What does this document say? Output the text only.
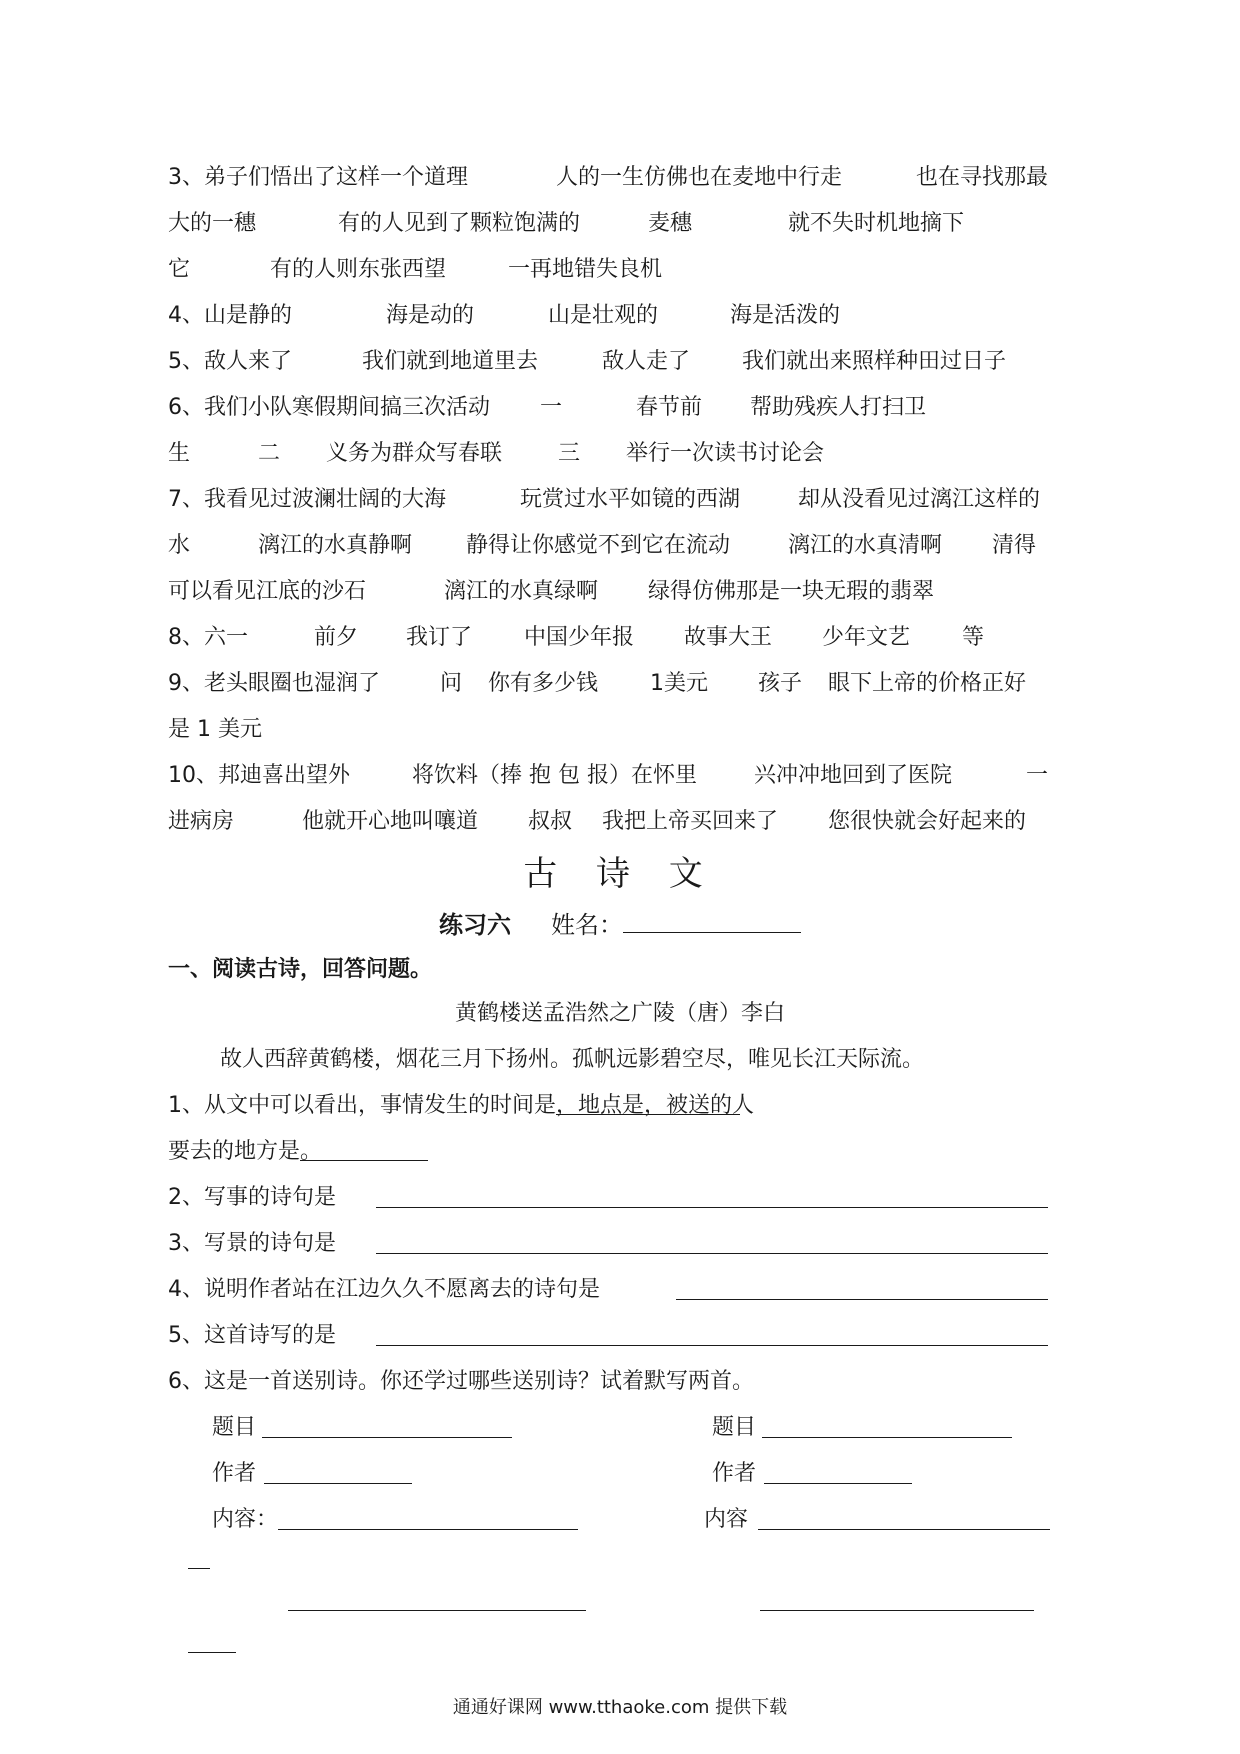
3、弟子们悟出了这样一个道理	人的一生仿佛也在麦地中行走	也在寻找那最
大的一穗	有的人见到了颗粒饱满的	麦穗	就不失时机地摘下
它	有的人则东张西望	一再地错失良机
4、山是静的	海是动的	山是壮观的	海是活泼的
5、敌人来了	我们就到地道里去	敌人走了 我们就出来照样种田过日子
6、我们小队寒假期间搞三次活动 一	春节前 帮助残疾人打扫卫
生	二 义务为群众写春联	三 举行一次读书讨论会
7、我看见过波澜壮阔的大海	玩赏过水平如镜的西湖	却从没看见过漓江这样的
水	漓江的水真静啊 静得让你感觉不到它在流动	漓江的水真清啊 清得
可以看见江底的沙石	漓江的水真绿啊 绿得仿佛那是一块无瑕的翡翠
8、六一	前夕 我订了 中国少年报 故事大王 少年文艺 等
9、老头眼圈也湿润了	问 你有多少钱 1美元 孩子 眼下上帝的价格正好
是 1 美元
10、邦迪喜出望外	将饮料（捧 抱 包 报）在怀里	兴冲冲地回到了医院	一
进病房	他就开心地叫嚷道 叔叔 我把上帝买回来了 您很快就会好起来的
古 诗 文
练习六 姓名：
一、阅读古诗，回答问题。
黄鹤楼送孟浩然之广陵（唐）李白
故人西辞黄鹤楼，烟花三月下扬州。孤帆远影碧空尽，唯见长江天际流。
1、从文中可以看出，事情发生的时间是
，地点是
，被送的人
要去的地方是
。
2、写事的诗句是
3、写景的诗句是
4、说明作者站在江边久久不愿离去的诗句是
5、这首诗写的是
6、这是一首送别诗。你还学过哪些送别诗？试着默写两首。
题目	题目
作者	作者
内容：	内容
通通好课网 www.tthaoke.com 提供下载
